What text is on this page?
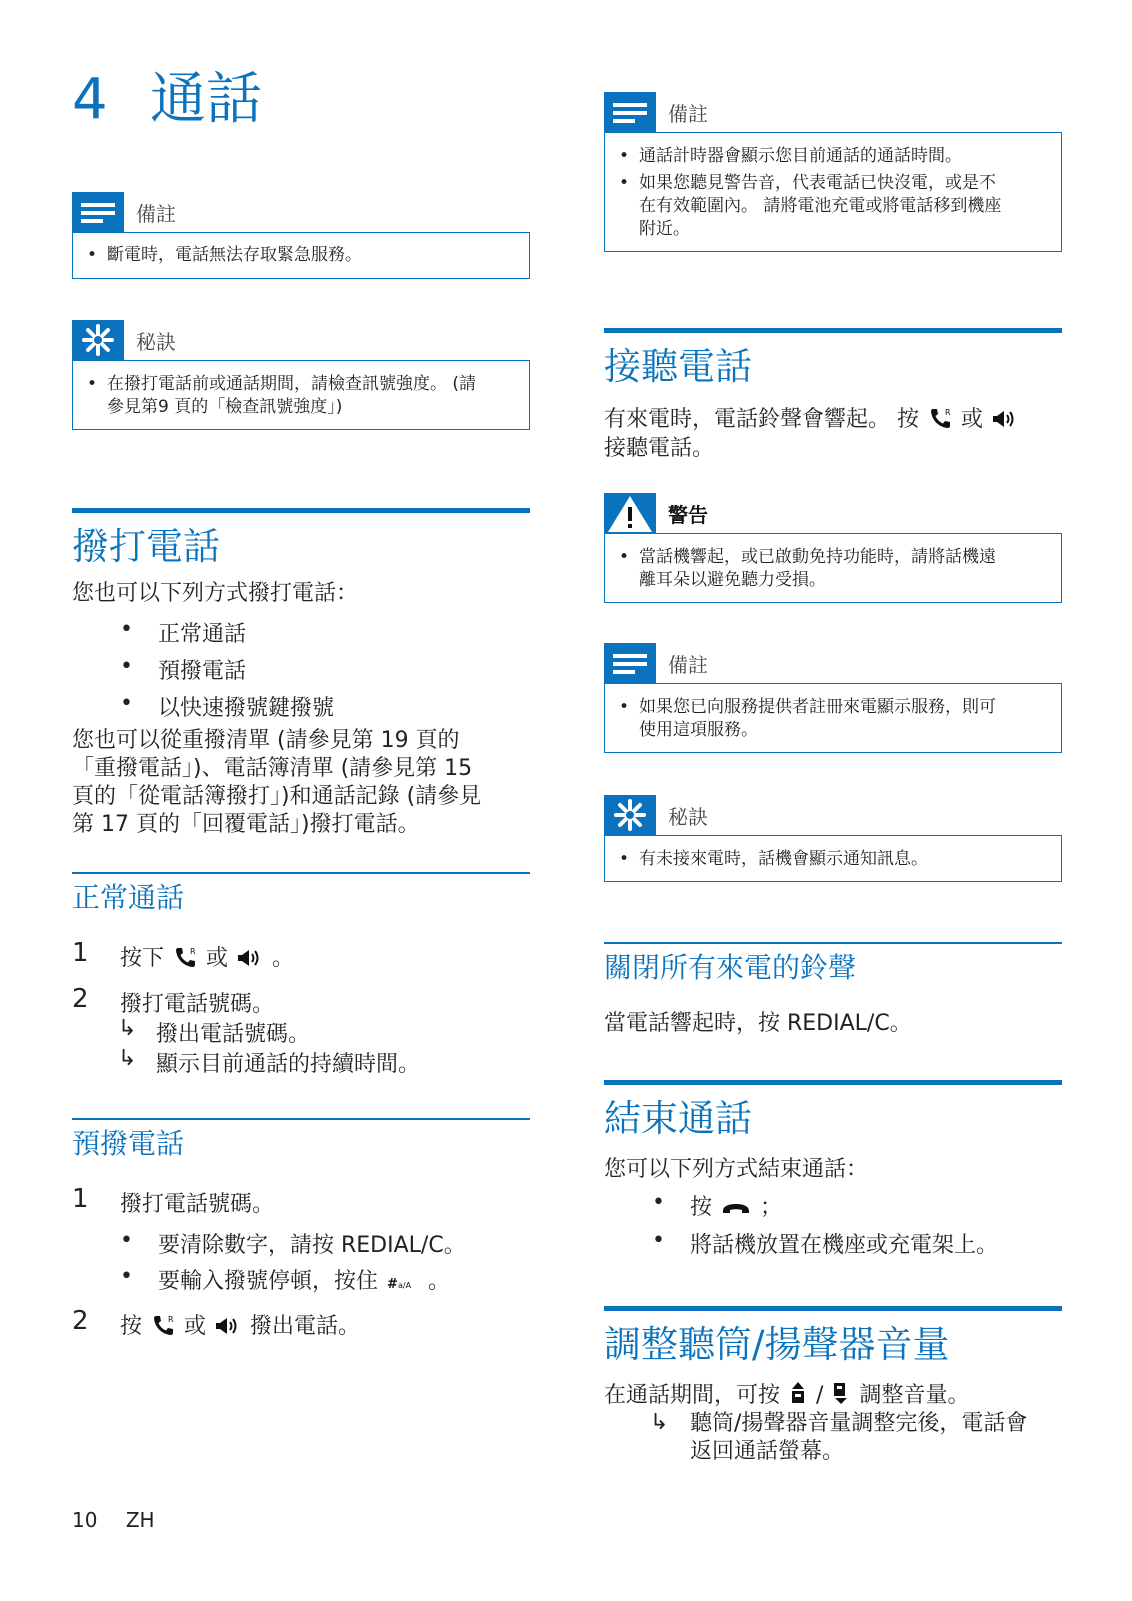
4 通話
備註
• 斷電時，電話無法存取緊急服務。
秘訣
• 在撥打電話前或通話期間，請檢查訊號強度。 (請
參見第9 頁的「檢查訊號強度」)
撥打電話
您也可以下列方式撥打電話：
• 正常通話
• 預撥電話
• 以快速撥號鍵撥號
您也可以從重撥清單 (請參見第 19 頁的
「重撥電話」)、電話簿清單 (請參見第 15
頁的「從電話簿撥打」)和通話記錄 (請參見
第 17 頁的「回覆電話」)撥打電話。
正常通話
1 按下 或 。
2 撥打電話號碼。
↳ 撥出電話號碼。
↳ 顯示目前通話的持續時間。
預撥電話
1 撥打電話號碼。
• 要清除數字，請按 REDIAL/C。
• 要輸入撥號停頓，按住 。
2 按 或 撥出電話。
備註
• 通話計時器會顯示您目前通話的通話時間。
• 如果您聽見警告音，代表電話已快沒電，或是不
在有效範圍內。 請將電池充電或將電話移到機座
附近。
接聽電話
有來電時，電話鈴聲會響起。 按 或
接聽電話。
警告
• 當話機響起，或已啟動免持功能時，請將話機遠
離耳朵以避免聽力受損。
備註
• 如果您已向服務提供者註冊來電顯示服務，則可
使用這項服務。
秘訣
• 有未接來電時，話機會顯示通知訊息。
關閉所有來電的鈴聲
當電話響起時，按 REDIAL/C。
結束通話
您可以下列方式結束通話：
• 按 ；
• 將話機放置在機座或充電架上。
調整聽筒/揚聲器音量
在通話期間，可按 / 調整音量。
↳ 聽筒/揚聲器音量調整完後，電話會
返回通話螢幕。
10 ZH
